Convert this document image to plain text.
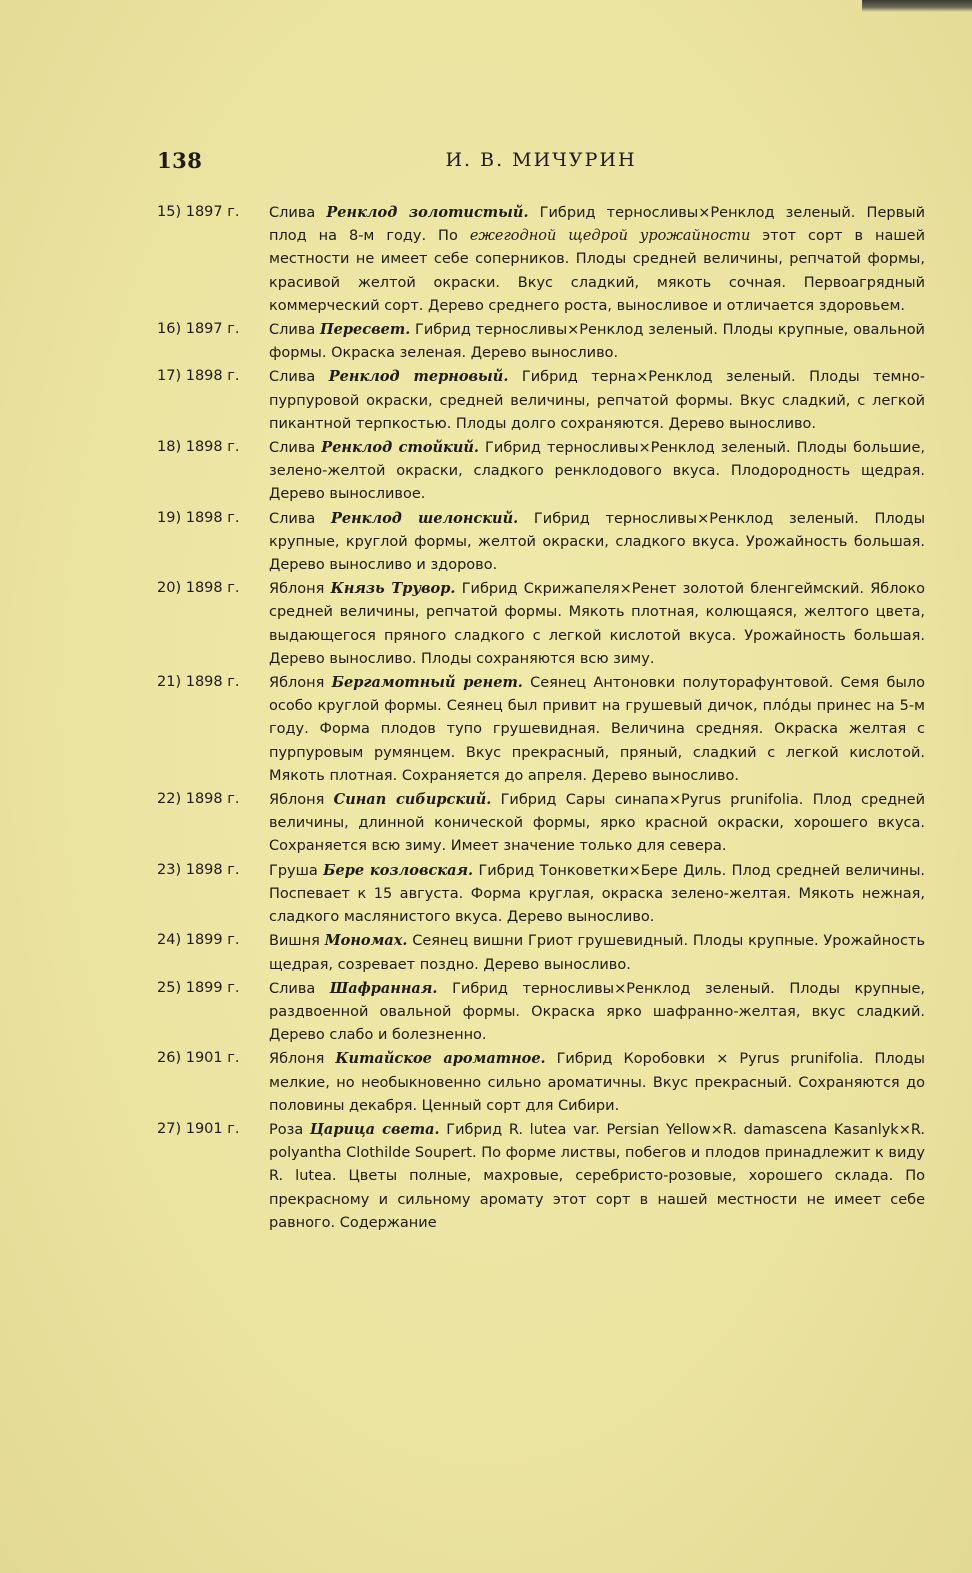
138	И. В. МИЧУРИН
15) 1897 г.	Слива Ренклод золотистый. Гибрид терносливы×Ренклод зеленый. Первый плод на 8-м году. По ежегодной щедрой урожайности этот сорт в нашей местности не имеет себе соперников. Плоды средней величины, репчатой формы, красивой желтой окраски. Вкус сладкий, мякоть сочная. Первоагрядный коммерческий сорт. Дерево среднего роста, выносливое и отличается здоровьем.
16) 1897 г.	Слива Пересвет. Гибрид терносливы×Ренклод зеленый. Плоды крупные, овальной формы. Окраска зеленая. Дерево выносливо.
17) 1898 г.	Слива Ренклод терновый. Гибрид терна×Ренклод зеленый. Плоды темно-пурпуровой окраски, средней величины, репчатой формы. Вкус сладкий, с легкой пикантной терпкостью. Плоды долго сохраняются. Дерево выносливо.
18) 1898 г.	Слива Ренклод стойкий. Гибрид терносливы×Ренклод зеленый. Плоды большие, зелено-желтой окраски, сладкого ренклодового вкуса. Плодородность щедрая. Дерево выносливое.
19) 1898 г.	Слива Ренклод шелонский. Гибрид терносливы×Ренклод зеленый. Плоды крупные, круглой формы, желтой окраски, сладкого вкуса. Урожайность большая. Дерево выносливо и здорово.
20) 1898 г.	Яблоня Князь Трувор. Гибрид Скрижапеля×Ренет золотой бленгеймский. Яблоко средней величины, репчатой формы. Мякоть плотная, колющаяся, желтого цвета, выдающегося пряного сладкого с легкой кислотой вкуса. Урожайность большая. Дерево выносливо. Плоды сохраняются всю зиму.
21) 1898 г.	Яблоня Бергамотный ренет. Сеянец Антоновки полуторафунтовой. Семя было особо круглой формы. Сеянец был привит на грушевый дичок, пло́ды принес на 5-м году. Форма плодов тупо грушевидная. Величина средняя. Окраска желтая с пурпуровым румянцем. Вкус прекрасный, пряный, сладкий с легкой кислотой. Мякоть плотная. Сохраняется до апреля. Дерево выносливо.
22) 1898 г.	Яблоня Синап сибирский. Гибрид Сары синапа×Pyrus prunifolia. Плод средней величины, длинной конической формы, ярко красной окраски, хорошего вкуса. Сохраняется всю зиму. Имеет значение только для севера.
23) 1898 г.	Груша Бере козловская. Гибрид Тонковетки×Бере Диль. Плод средней величины. Поспевает к 15 августа. Форма круглая, окраска зелено-желтая. Мякоть нежная, сладкого маслянистого вкуса. Дерево выносливо.
24) 1899 г.	Вишня Мономах. Сеянец вишни Гриот грушевидный. Плоды крупные. Урожайность щедрая, созревает поздно. Дерево выносливо.
25) 1899 г.	Слива Шафранная. Гибрид терносливы×Ренклод зеленый. Плоды крупные, раздвоенной овальной формы. Окраска ярко шафранно-желтая, вкус сладкий. Дерево слабо и болезненно.
26) 1901 г.	Яблоня Китайское ароматное. Гибрид Коробовки × Pyrus prunifolia. Плоды мелкие, но необыкновенно сильно ароматичны. Вкус прекрасный. Сохраняются до половины декабря. Ценный сорт для Сибири.
27) 1901 г.	Роза Царица света. Гибрид R. lutea var. Persian Yellow×R. damascena Kasanlyk×R. polyantha Clothilde Soupert. По форме листвы, побегов и плодов принадлежит к виду R. lutea. Цветы полные, махровые, серебристо-розовые, хорошего склада. По прекрасному и сильному аромату этот сорт в нашей местности не имеет себе равного. Содержание
